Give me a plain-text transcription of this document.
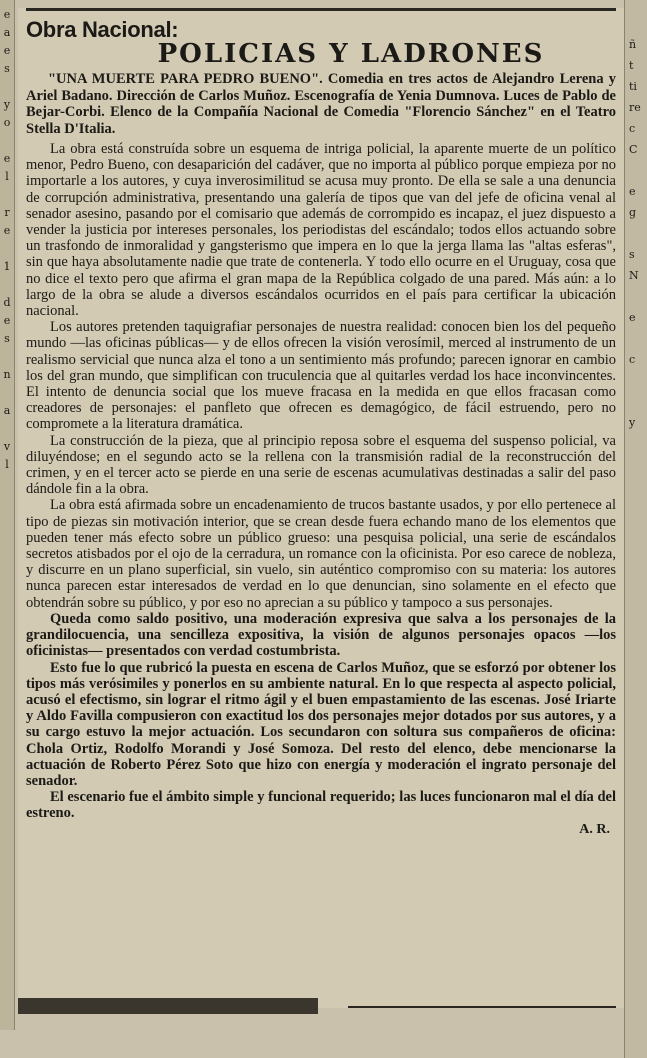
e
a
e
s

y
o

e
l

r
e

1

d
e
s

n

a

v
l
ñ
t
ti
re
c
C

e
g

s
N

e

c

y
Obra Nacional:
POLICIAS Y LADRONES
"UNA MUERTE PARA PEDRO BUENO". Comedia en tres actos de Alejandro Lerena y Ariel Badano. Dirección de Carlos Muñoz. Escenografía de Yenia Dumnova. Luces de Pablo de Bejar-Corbi. Elenco de la Compañía Nacional de Comedia "Florencio Sánchez" en el Teatro Stella D'Italia.

La obra está construída sobre un esquema de intriga policial, la aparente muerte de un político menor, Pedro Bueno, con desaparición del cadáver, que no importa al público porque empieza por no importarle a los autores, y cuya inverosimilitud se acusa muy pronto. De ella se sale a una denuncia de corrupción administrativa, presentando una galería de tipos que van del jefe de oficina venal al senador asesino, pasando por el comisario que además de corrompido es incapaz, el juez dispuesto a vender la justicia por intereses personales, los periodistas del escándalo; todos ellos actuando sobre un trasfondo de inmoralidad y gangsterismo que impera en lo que la jerga llama las "altas esferas", sin que haya absolutamente nadie que trate de contenerla. Y todo ello ocurre en el Uruguay, cosa que no dice el texto pero que afirma el gran mapa de la República colgado de una pared. Más aún: a lo largo de la obra se alude a diversos escándalos ocurridos en el país para certificar la ubicación nacional.

Los autores pretenden taquigrafiar personajes de nuestra realidad: conocen bien los del pequeño mundo —las oficinas públicas— y de ellos ofrecen la visión verosímil, merced al instrumento de un realismo servicial que nunca alza el tono a un sentimiento más profundo; parecen ignorar en cambio los del gran mundo, que simplifican con truculencia que al quitarles verdad los hace inconvincentes. El intento de denuncia social que los mueve fracasa en la medida en que ellos fracasan como creadores de personajes: el panfleto que ofrecen es demagógico, de fácil estruendo, pero no compromete a la literatura dramática.

La construcción de la pieza, que al principio reposa sobre el esquema del suspenso policial, va diluyéndose; en el segundo acto se la rellena con la transmisión radial de la reconstrucción del crimen, y en el tercer acto se pierde en una serie de escenas acumulativas destinadas a salir del paso dándole fin a la obra.

La obra está afirmada sobre un encadenamiento de trucos bastante usados, y por ello pertenece al tipo de piezas sin motivación interior, que se crean desde fuera echando mano de los elementos que pueden tener más efecto sobre un público grueso: una pesquisa policial, una serie de escándalos secretos atisbados por el ojo de la cerradura, un romance con la oficinista. Por eso carece de nobleza, y discurre en un plano superficial, sin vuelo, sin auténtico compromiso con su materia: los autores nunca parecen estar interesados de verdad en lo que denuncian, sino solamente en el efecto que obtendrán sobre su público, y por eso no aprecian a su público y tampoco a sus personajes.

Queda como saldo positivo, una moderación expresiva que salva a los personajes de la grandilocuencia, una sencilleza expositiva, la visión de algunos personajes opacos —los oficinistas— presentados con verdad costumbrista.

Esto fue lo que rubricó la puesta en escena de Carlos Muñoz, que se esforzó por obtener los tipos más verósimiles y ponerlos en su ambiente natural. En lo que respecta al aspecto policial, acusó el efectismo, sin lograr el ritmo ágil y el buen empastamiento de las escenas. José Iriarte y Aldo Favilla compusieron con exactitud los dos personajes mejor dotados por sus autores, y a su cargo estuvo la mejor actuación. Los secundaron con soltura sus compañeros de oficina: Chola Ortiz, Rodolfo Morandi y José Somoza. Del resto del elenco, debe mencionarse la actuación de Roberto Pérez Soto que hizo con energía y moderación el ingrato personaje del senador.

El escenario fue el ámbito simple y funcional requerido; las luces funcionaron mal el día del estreno.

A. R.
